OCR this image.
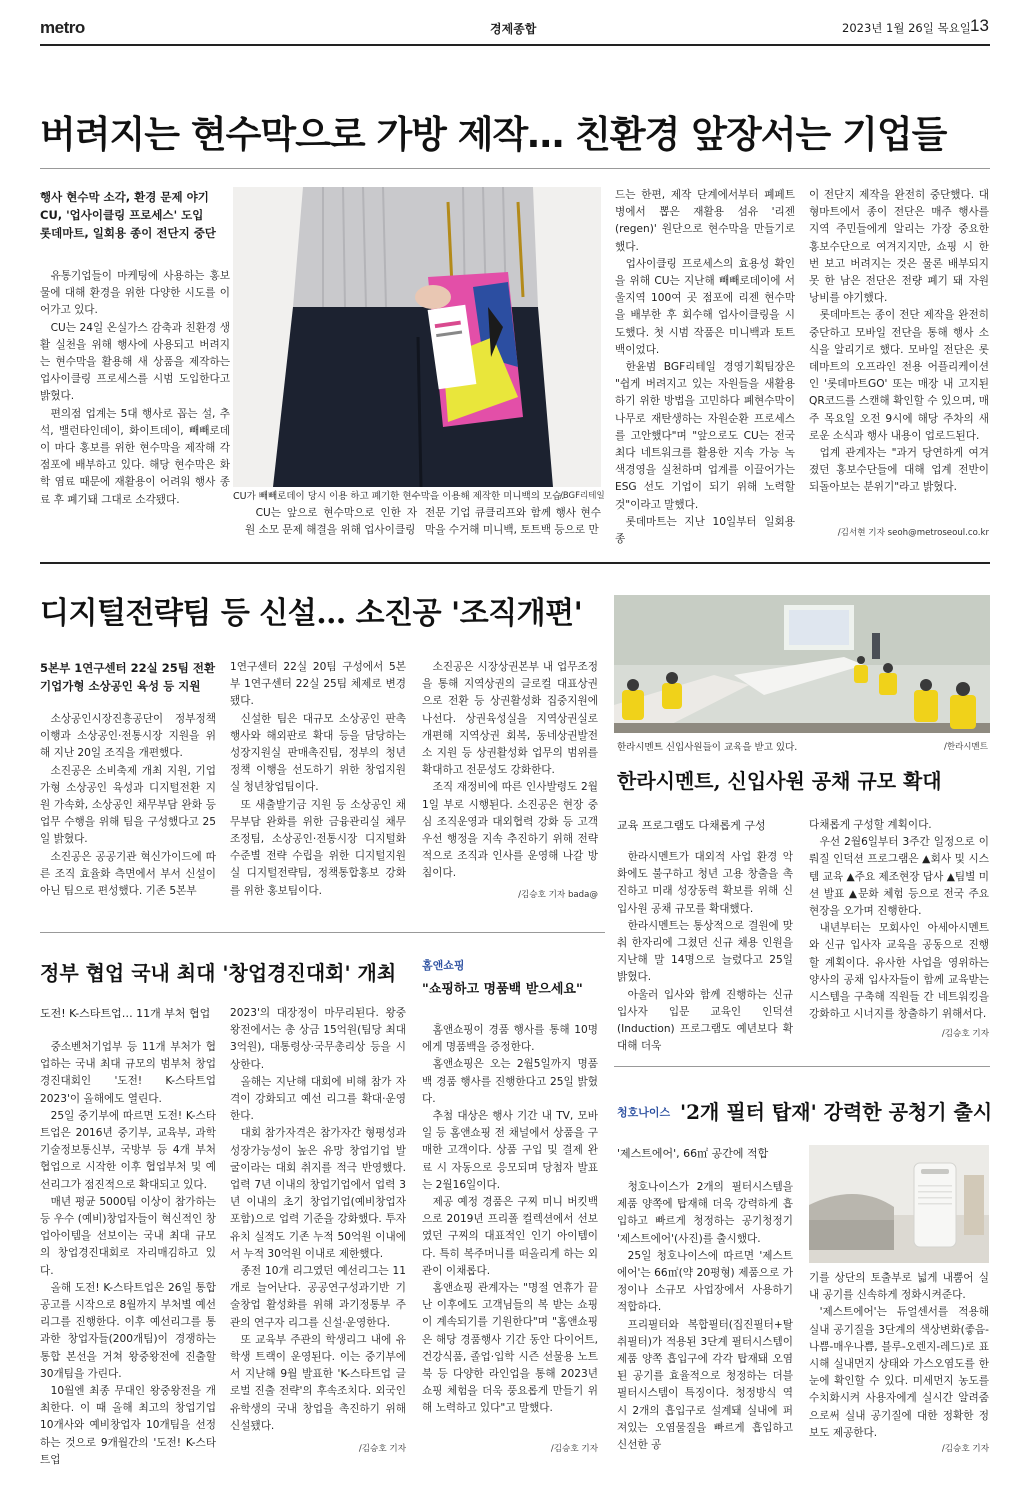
metro	경제종합	2023년 1월 26일 목요일 13
버려지는 현수막으로 가방 제작… 친환경 앞장서는 기업들
행사 현수막 소각, 환경 문제 야기
CU, '업사이클링 프로세스' 도입
롯데마트, 일회용 종이 전단지 중단

유통기업들이 마케팅에 사용하는 홍보물에 대해 환경을 위한 다양한 시도를 이어가고 있다.

CU는 24일 온실가스 감축과 친환경 생활 실천을 위해 행사에 사용되고 버려지는 현수막을 활용해 새 상품을 제작하는 업사이클링 프로세스를 시범 도입한다고 밝혔다.

편의점 업계는 5대 행사로 꼽는 설, 추석, 밸런타인데이, 화이트데이, 빼빼로데이 마다 홍보를 위한 현수막을 제작해 각 점포에 배부하고 있다. 해당 현수막은 화학 염료 때문에 재활용이 어려워 행사 종료 후 폐기돼 그대로 소각됐다.	CU가 빼빼로데이 당시 이용 하고 폐기한 현수막을 이용해 제작한 미니백의 모습.
/BGF리테일

CU는 앞으로 현수막으로 인한 자원 소모 문제 해결을 위해 업사이클링

전문 기업 큐클리프와 함께 행사 현수막을 수거해 미니백, 토트백 등으로 만

드는 한편, 제작 단계에서부터 폐페트병에서 뽑은 재활용 섬유 '리젠(regen)' 원단으로 현수막을 만들기로 했다.

업사이클링 프로세스의 효용성 확인을 위해 CU는 지난해 빼빼로데이에 서울지역 100여 곳 점포에 리젠 현수막을 배부한 후 회수해 업사이클링을 시도했다. 첫 시범 작품은 미니백과 토트백이었다.

한윤범 BGF리테일 경영기획팀장은 "쉽게 버려지고 있는 자원들을 새활용하기 위한 방법을 고민하다 폐현수막이 나무로 재탄생하는 자원순환 프로세스를 고안했다"며 "앞으로도 CU는 전국 최다 네트워크를 활용한 지속 가능 녹색경영을 실천하며 업계를 이끌어가는 ESG 선도 기업이 되기 위해 노력할 것"이라고 말했다.

롯데마트는 지난 10일부터 일회용 종

이 전단지 제작을 완전히 중단했다. 대형마트에서 종이 전단은 매주 행사를 지역 주민들에게 알리는 가장 중요한 홍보수단으로 여겨지지만, 쇼핑 시 한 번 보고 버려지는 것은 물론 배부되지 못 한 남은 전단은 전량 폐기 돼 자원 낭비를 야기했다.

롯데마트는 종이 전단 제작을 완전히 중단하고 모바일 전단을 통해 행사 소식을 알리기로 했다. 모바일 전단은 롯데마트의 오프라인 전용 어플리케이션인 '롯데마트GO' 또는 매장 내 고지된 QR코드를 스캔해 확인할 수 있으며, 매주 목요일 오전 9시에 해당 주차의 새로운 소식과 행사 내용이 업로드된다.

업계 관계자는 "과거 당연하게 여겨졌던 홍보수단들에 대해 업계 전반이 되돌아보는 분위기"라고 밝혔다.

/김서현 기자 seoh@metroseoul.co.kr
디지털전략팀 등 신설… 소진공 '조직개편'
5본부 1연구센터 22실 25팀 전환
기업가형 소상공인 육성 등 지원

소상공인시장진흥공단이 정부정책 이행과 소상공인·전통시장 지원을 위해 지난 20일 조직을 개편했다.

소진공은 소비축제 개최 지원, 기업가형 소상공인 육성과 디지털전환 지원 가속화, 소상공인 채무부담 완화 등 업무 수행을 위해 팀을 구성했다고 25일 밝혔다.

소진공은 공공기관 혁신가이드에 따른 조직 효율화 측면에서 부서 신설이 아닌 팀으로 편성했다. 기존 5본부

1연구센터 22실 20팀 구성에서 5본부 1연구센터 22실 25팀 체제로 변경됐다.

신설한 팀은 대규모 소상공인 판촉행사와 해외판로 확대 등을 담당하는 성장지원실 판매촉진팀, 정부의 청년정책 이행을 선도하기 위한 창업지원실 청년창업팀이다.

또 새출발기금 지원 등 소상공인 채무부담 완화를 위한 금융관리실 채무조정팀, 소상공인·전통시장 디지털화 수준별 전략 수립을 위한 디지털지원실 디지털전략팀, 정책통합홍보 강화를 위한 홍보팀이다.

소진공은 시장상권본부 내 업무조정을 통해 지역상권의 글로컬 대표상권으로 전환 등 상권활성화 집중지원에 나선다. 상권육성실을 지역상권실로 개편해 지역상권 회복, 동네상권발전소 지원 등 상권활성화 업무의 범위를 확대하고 전문성도 강화한다.

조직 재정비에 따른 인사발령도 2월 1일 부로 시행된다. 소진공은 현장 중심 조직운영과 대외협력 강화 등 고객 우선 행정을 지속 추진하기 위해 전략적으로 조직과 인사를 운영해 나갈 방침이다.

/김승호 기자 bada@
한라시멘트 신입사원들이 교육을 받고 있다.	/한라시멘트
한라시멘트, 신입사원 공채 규모 확대
교육 프로그램도 다채롭게 구성

한라시멘트가 대외적 사업 환경 악화에도 불구하고 청년 고용 창출을 촉진하고 미래 성장동력 확보를 위해 신입사원 공채 규모를 확대했다.

한라시멘트는 통상적으로 결원에 맞춰 한자리에 그쳤던 신규 채용 인원을 지난해 말 14명으로 늘렸다고 25일 밝혔다.

아울러 입사와 함께 진행하는 신규 입사자 입문 교육인 인덕션(Induction) 프로그램도 예년보다 확대해 더욱

다채롭게 구성할 계획이다.

우선 2월6일부터 3주간 일정으로 이뤄질 인덕션 프로그램은 ▲회사 및 시스템 교육 ▲주요 제조현장 답사 ▲팀별 미션 발표 ▲문화 체험 등으로 전국 주요 현장을 오가며 진행한다.

내년부터는 모회사인 아세아시멘트와 신규 입사자 교육을 공동으로 진행할 계획이다. 유사한 사업을 영위하는 양사의 공채 입사자들이 함께 교육받는 시스템을 구축해 직원들 간 네트워킹을 강화하고 시너지를 창출하기 위해서다.

/김승호 기자
정부 협업 국내 최대 '창업경진대회' 개최
도전! K-스타트업… 11개 부처 협업

중소벤처기업부 등 11개 부처가 협업하는 국내 최대 규모의 범부처 창업경진대회인 '도전! K-스타트업 2023'이 올해에도 열린다.

25일 중기부에 따르면 도전! K-스타트업은 2016년 중기부, 교육부, 과학기술정보통신부, 국방부 등 4개 부처 협업으로 시작한 이후 협업부처 및 예선리그가 점진적으로 확대되고 있다.

매년 평균 5000팀 이상이 참가하는 등 우수 (예비)창업자들이 혁신적인 창업아이템을 선보이는 국내 최대 규모의 창업경진대회로 자리매김하고 있다.

올해 도전! K-스타트업은 26일 통합 공고를 시작으로 8월까지 부처별 예선리그를 진행한다. 이후 예선리그를 통과한 창업자들(200개팀)이 경쟁하는 통합 본선을 거쳐 왕중왕전에 진출할 30개팀을 가린다.

10월엔 최종 무대인 왕중왕전을 개최한다. 이 때 올해 최고의 창업기업 10개사와 예비창업자 10개팀을 선정하는 것으로 9개월간의 '도전! K-스타트업

2023'의 대장정이 마무리된다. 왕중왕전에서는 총 상금 15억원(팀당 최대 3억원), 대통령상·국무총리상 등을 시상한다.

올해는 지난해 대회에 비해 참가 자격이 강화되고 예선 리그를 확대·운영한다.

대회 참가자격은 참가자간 형평성과 성장가능성이 높은 유망 창업기업 발굴이라는 대회 취지를 적극 반영했다. 업력 7년 이내의 창업기업에서 업력 3년 이내의 초기 창업기업(예비창업자 포함)으로 업력 기준을 강화했다. 투자유치 실적도 기존 누적 50억원 이내에서 누적 30억원 이내로 제한했다.

종전 10개 리그였던 예선리그는 11개로 늘어난다. 공공연구성과기반 기술창업 활성화를 위해 과기정통부 주관의 연구자 리그를 신설·운영한다.

또 교육부 주관의 학생리그 내에 유학생 트랙이 운영된다. 이는 중기부에서 지난해 9월 발표한 'K-스타트업 글로벌 진출 전략'의 후속조치다. 외국인 유학생의 국내 창업을 촉진하기 위해 신설됐다.

/김승호 기자
홈앤쇼핑
"쇼핑하고 명품백 받으세요"

홈앤쇼핑이 경품 행사를 통해 10명에게 명품백을 증정한다.

홈앤쇼핑은 오는 2월5일까지 명품백 경품 행사를 진행한다고 25일 밝혔다.

추첨 대상은 행사 기간 내 TV, 모바일 등 홈앤쇼핑 전 채널에서 상품을 구매한 고객이다. 상품 구입 및 결제 완료 시 자동으로 응모되며 당첨자 발표는 2월16일이다.

제공 예정 경품은 구찌 미니 버킷백으로 2019년 프리폴 컬렉션에서 선보였던 구찌의 대표적인 인기 아이템이다. 특히 복주머니를 떠올리게 하는 외관이 이채롭다.

홈앤쇼핑 관계자는 "명절 연휴가 끝난 이후에도 고객님들의 복 받는 쇼핑이 계속되기를 기원한다"며 "홈앤쇼핑은 해당 경품행사 기간 동안 다이어트, 건강식품, 졸업·입학 시즌 선물용 노트북 등 다양한 라인업을 통해 2023년 쇼핑 체험을 더욱 풍요롭게 만들기 위해 노력하고 있다"고 말했다.

/김승호 기자
청호나이스 '2개 필터 탑재' 강력한 공청기 출시
'제스트에어', 66㎡ 공간에 적합

청호나이스가 2개의 필터시스템을 제품 양쪽에 탑재해 더욱 강력하게 흡입하고 빠르게 청정하는 공기청정기 '제스트에어'(사진)를 출시했다.

25일 청호나이스에 따르면 '제스트에어'는 66㎡(약 20평형) 제품으로 가정이나 소규모 사업장에서 사용하기 적합하다.

프리필터와 복합필터(집진필터+탈취필터)가 적용된 3단계 필터시스템이 제품 양쪽 흡입구에 각각 탑재돼 오염된 공기를 효율적으로 청정하는 더블필터시스템이 특징이다. 청정방식 역시 2개의 흡입구로 설계돼 실내에 퍼져있는 오염물질을 빠르게 흡입하고 신선한 공

기를 상단의 토출부로 넓게 내뿜어 실내 공기를 신속하게 정화시켜준다.

'제스트에어'는 듀얼센서를 적용해 실내 공기질을 3단계의 색상변화(좋음-나쁨-매우나쁨, 블루-오렌지-레드)로 표시해 실내먼지 상태와 가스오염도를 한눈에 확인할 수 있다. 미세먼지 농도를 수치화시켜 사용자에게 실시간 알려줌으로써 실내 공기질에 대한 정확한 정보도 제공한다.

/김승호 기자
